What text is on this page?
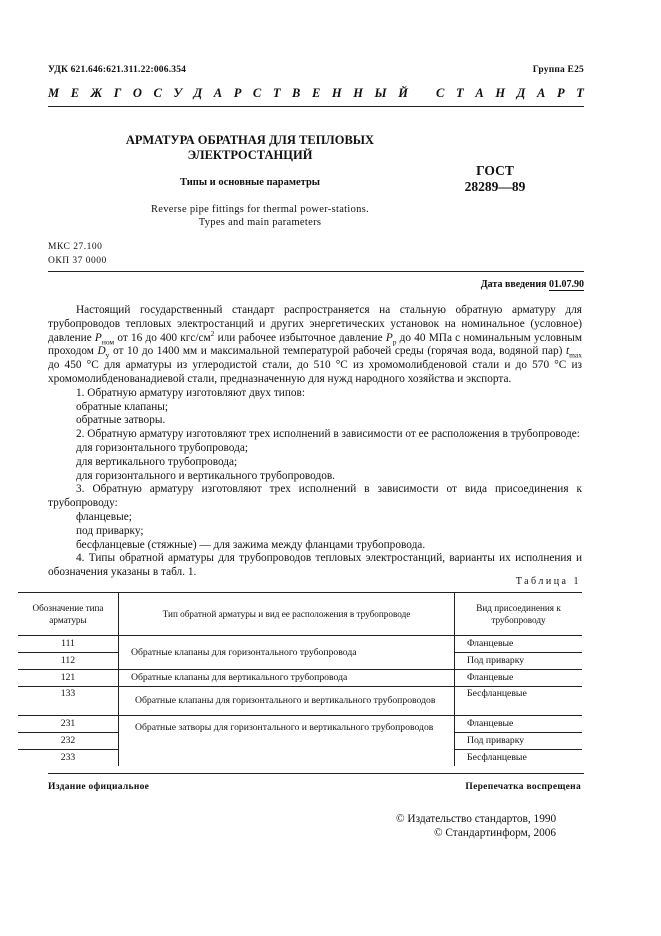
УДК 621.646:621.311.22:006.354	Группа Е25
М Е Ж Г О С У Д А Р С Т В Е Н Н Ы Й С Т А Н Д А Р Т
АРМАТУРА ОБРАТНАЯ ДЛЯ ТЕПЛОВЫХ
ЭЛЕКТРОСТАНЦИЙ
Типы и основные параметры
ГОСТ
28289—89
Reverse pipe fittings for thermal power-stations.
Types and main parameters
МКС 27.100
ОКП 37 0000
Дата введения 01.07.90

Настоящий государственный стандарт распространяется на стальную обратную арматуру для трубопроводов тепловых электростанций и других энергетических установок на номинальное (условное) давление $P_{ном}$ от 16 до 400 кгс/$см^2$ или рабочее избыточное давление $P_р$ до 40 МПа с номинальным условным проходом $D_у$ от 10 до 1400 мм и максимальной температурой рабочей среды (горячая вода, водяной пар) $t_{max}$ до 450 °С для арматуры из углеродистой стали, до 510 °С из хромомолибденовой стали и до 570 °С из хромомолибденованадиевой стали, предназначенную для нужд народного хозяйства и экспорта.

1. Обратную арматуру изготовляют двух типов:

обратные клапаны;

обратные затворы.

2. Обратную арматуру изготовляют трех исполнений в зависимости от ее расположения в трубопроводе:

для горизонтального трубопровода;

для вертикального трубопровода;

для горизонтального и вертикального трубопроводов.

3. Обратную арматуру изготовляют трех исполнений в зависимости от вида присоединения к трубопроводу:

фланцевые;

под приварку;

бесфланцевые (стяжные) — для зажима между фланцами трубопровода.

4. Типы обратной арматуры для трубопроводов тепловых электростанций, варианты их исполнения и обозначения указаны в табл. 1.

Таблица 1
Обозначение типа арматуры	Тип обратной арматуры и вид ее расположения в трубопроводе	Вид присоединения к трубопроводу
111	Обратные клапаны для горизонтального трубопровода	Фланцевые
112		Под приварку
121	Обратные клапаны для вертикального трубопровода	Фланцевые
133	Обратные клапаны для горизонтального и вертикального трубопроводов	Бесфланцевые
231	Обратные затворы для горизонтального и вертикального трубопроводов	Фланцевые
232		Под приварку
233		Бесфланцевые
Издание официальное	Перепечатка воспрещена
© Издательство стандартов, 1990
© Стандартинформ, 2006
